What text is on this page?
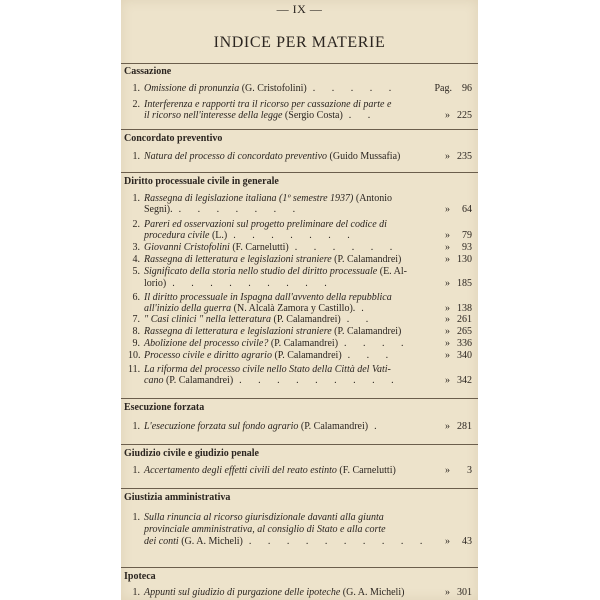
— IX —
INDICE PER MATERIE
Cassazione
1. Omissione di pronunzia (G. Cristofolini) . . . . .	Pag. 96
2. Interferenza e rapporti tra il ricorso per cassazione di parte e
il ricorso nell'interesse della legge (Sergio Costa) . .	» 225
Concordato preventivo
1. Natura del processo di concordato preventivo (Guido Mussafia)	» 235
Diritto processuale civile in generale
1. Rassegna di legislazione italiana (1º semestre 1937) (Antonio
Segni). . . . . . . .	» 64
2. Pareri ed osservazioni sul progetto preliminare del codice di
procedura civile (L.) . . . . . . .	» 79
3. Giovanni Cristofolini (F. Carnelutti) . . . . . .	» 93
4. Rassegna di letteratura e legislazioni straniere (P. Calamandrei)	» 130
5. Significato della storia nello studio del diritto processuale (E. Al-
lorio) . . . . . . . . .	» 185
6. Il diritto processuale in Ispagna dall'avvento della repubblica
all'inizio della guerra (N. Alcalà Zamora y Castillo). .	» 138
7. " Casi clinici " nella letteratura (P. Calamandrei) . .	» 261
8. Rassegna di letteratura e legislazioni straniere (P. Calamandrei)	» 265
9. Abolizione del processo civile? (P. Calamandrei) . . . .	» 336
10. Processo civile e diritto agrario (P. Calamandrei) . . .	» 340
11. La riforma del processo civile nello Stato della Città del Vati-
cano (P. Calamandrei) . . . . . . . . .	» 342
Esecuzione forzata
1. L'esecuzione forzata sul fondo agrario (P. Calamandrei) .	» 281
Giudizio civile e giudizio penale
1. Accertamento degli effetti civili del reato estinto (F. Carnelutti)	» 3
Giustizia amministrativa
1. Sulla rinuncia al ricorso giurisdizionale davanti alla giunta
provinciale amministrativa, al consiglio di Stato e alla corte
dei conti (G. A. Micheli) . . . . . . . . . . » 43
Ipoteca
1. Appunti sul giudizio di purgazione delle ipoteche (G. A. Micheli)	» 301
